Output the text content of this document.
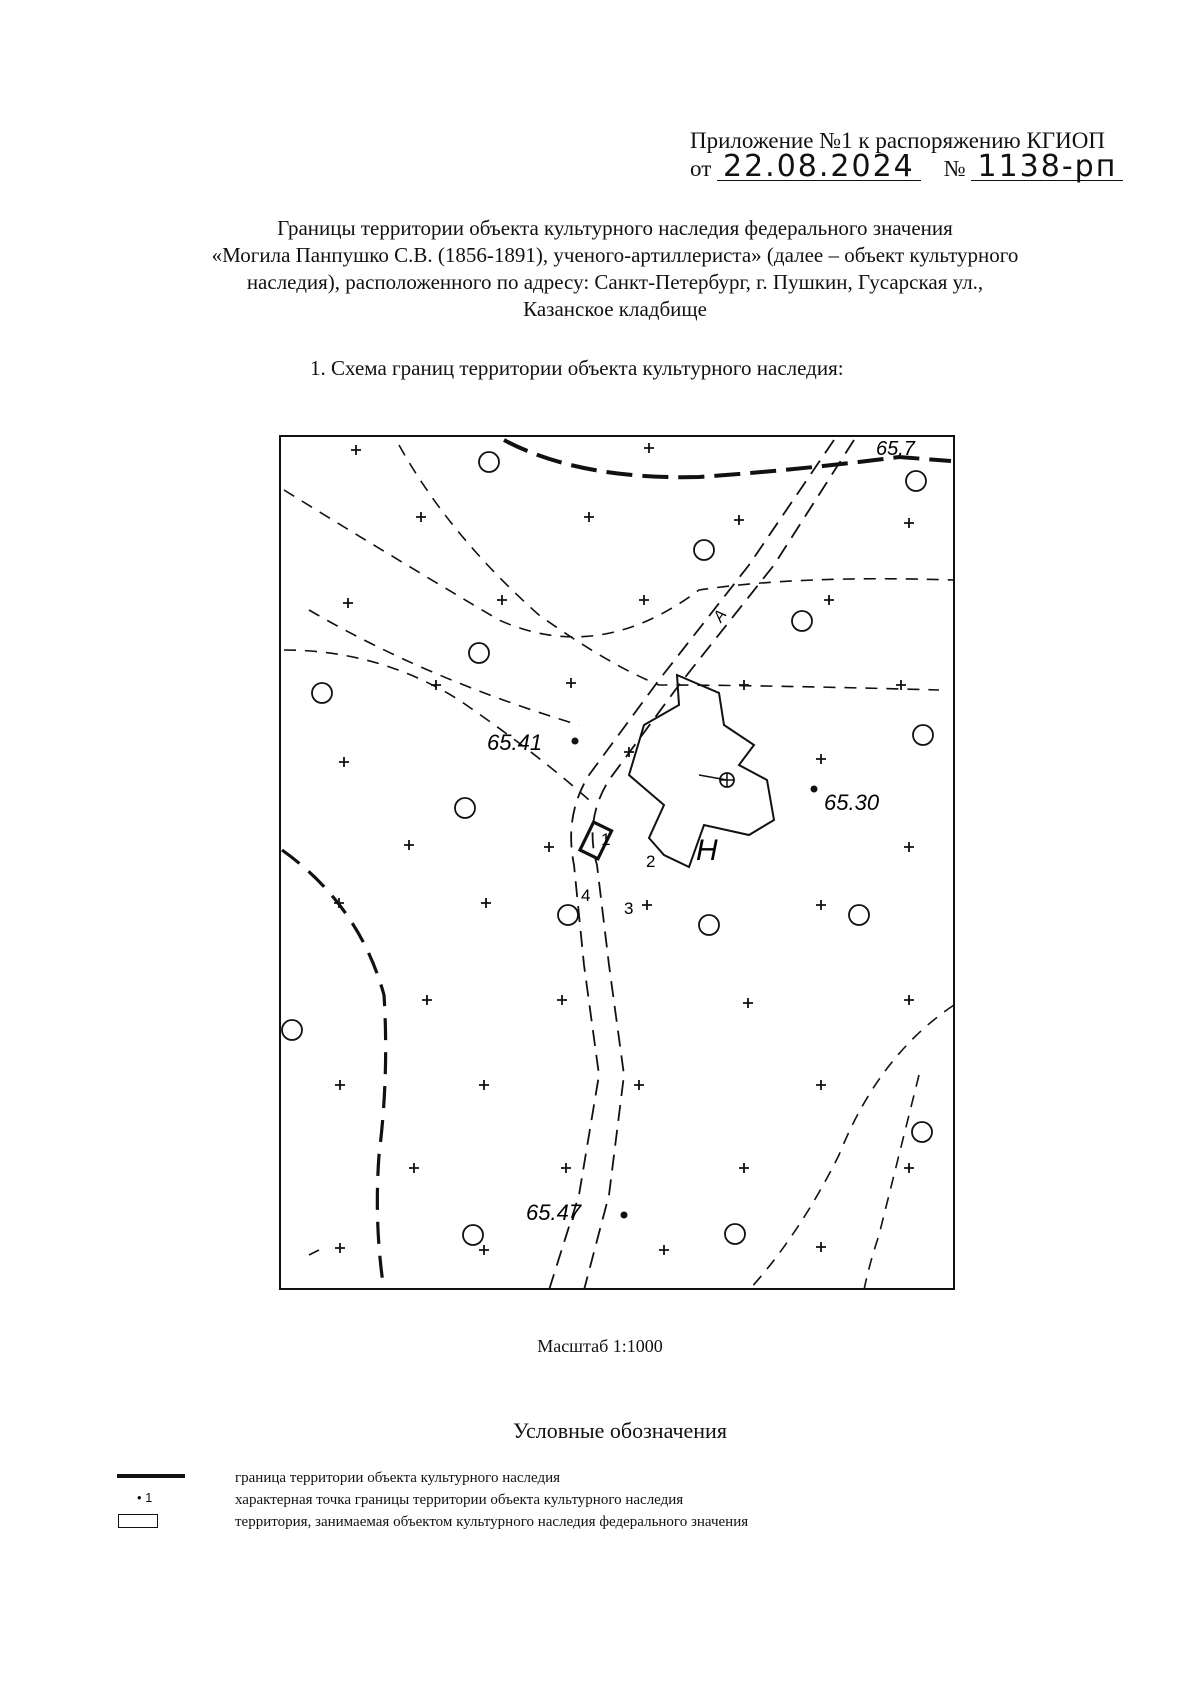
Приложение №1 к распоряжению КГИОП
от 22.08.2024 № 1138-рп
Границы территории объекта культурного наследия федерального значения
«Могила Панпушко С.В. (1856-1891), ученого-артиллериста» (далее – объект культурного
наследия), расположенного по адресу: Санкт-Петербург, г. Пушкин, Гусарская ул.,
Казанское кладбище
1. Схема границ территории объекта культурного наследия:
65.41
65.30
65.47
1
2
3
4
Н
65.7
А
Масштаб 1:1000
Условные обозначения
граница территории объекта культурного наследия
• 1	характерная точка границы территории объекта культурного наследия
территория, занимаемая объектом культурного наследия федерального значения
